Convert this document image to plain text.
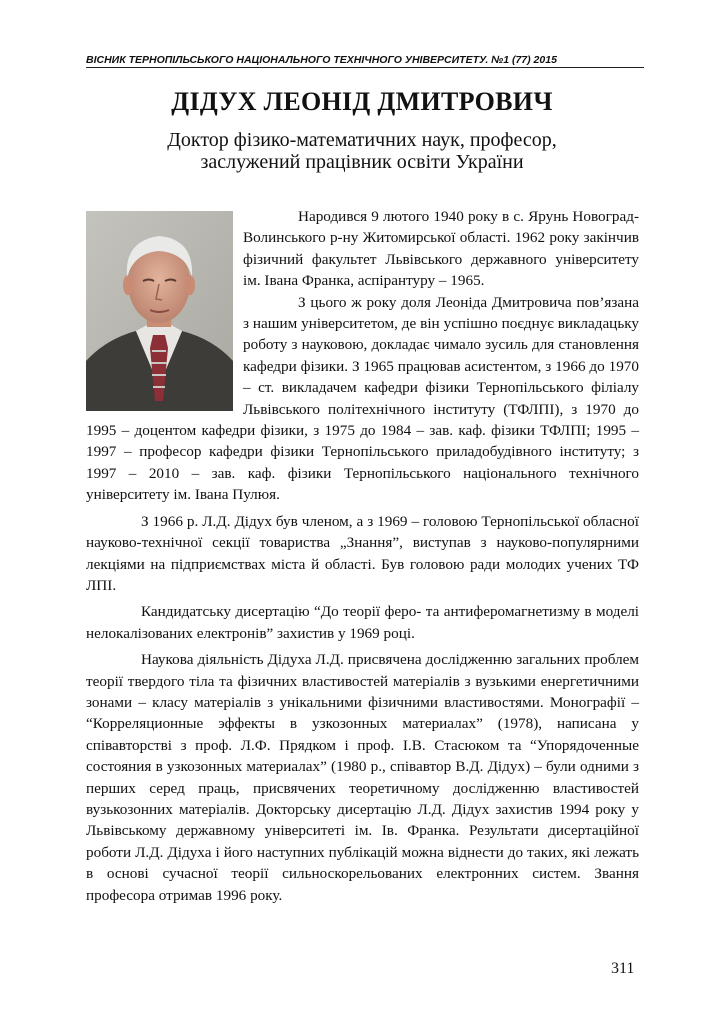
ВІСНИК ТЕРНОПІЛЬСЬКОГО НАЦІОНАЛЬНОГО ТЕХНІЧНОГО УНІВЕРСИТЕТУ. №1 (77) 2015
ДІДУХ ЛЕОНІД ДМИТРОВИЧ
Доктор фізико-математичних наук, професор,
заслужений працівник освіти України

Народився 9 лютого 1940 року в с. Ярунь Новоград-Волинського р-ну Житомирської області. 1962 року закінчив фізичний факультет Львівського державного університету ім. Івана Франка, аспірантуру – 1965.

З цього ж року доля Леоніда Дмитровича пов’язана з нашим університетом, де він успішно поєднує викладацьку роботу з науковою, докладає чимало зусиль для становлення кафедри фізики. З 1965 працював асистентом, з 1966 до 1970 – ст. викладачем кафедри фізики Тернопільського філіалу Львівського політехнічного інституту (ТФЛПІ), з 1970 до 1995 – доцентом кафедри фізики, з 1975 до 1984 – зав. каф. фізики ТФЛПІ; 1995 – 1997 – професор кафедри фізики Тернопільського приладобудівного інституту; з 1997 – 2010 – зав. каф. фізики Тернопільського національного технічного університету ім. Івана Пулюя.

З 1966 р. Л.Д. Дідух був членом, а з 1969 – головою Тернопільської обласної науково-технічної секції товариства „Знання”, виступав з науково-популярними лекціями на підприємствах міста й області. Був головою ради молодих учених ТФ ЛПІ.

Кандидатську дисертацію “До теорії феро- та антиферомагнетизму в моделі нелокалізованих електронів” захистив у 1969 році.

Наукова діяльність Дідуха Л.Д. присвячена дослідженню загальних проблем теорії твердого тіла та фізичних властивостей матеріалів з вузькими енергетичними зонами – класу матеріалів з унікальними фізичними властивостями. Монографії – “Корреляционные эффекты в узкозонных материалах” (1978), написана у співавторстві з проф. Л.Ф. Прядком і проф. І.В. Стасюком та “Упорядоченные состояния в узкозонных материалах” (1980 р., співавтор В.Д. Дідух) – були одними з перших серед праць, присвячених теоретичному дослідженню властивостей вузькозонних матеріалів. Докторську дисертацію Л.Д. Дідух захистив 1994 року у Львівському державному університеті ім. Ів. Франка. Результати дисертаційної роботи Л.Д. Дідуха і його наступних публікацій можна віднести до таких, які лежать в основі сучасної теорії сильноскорельованих електронних систем. Звання професора отримав 1996 року.

311
